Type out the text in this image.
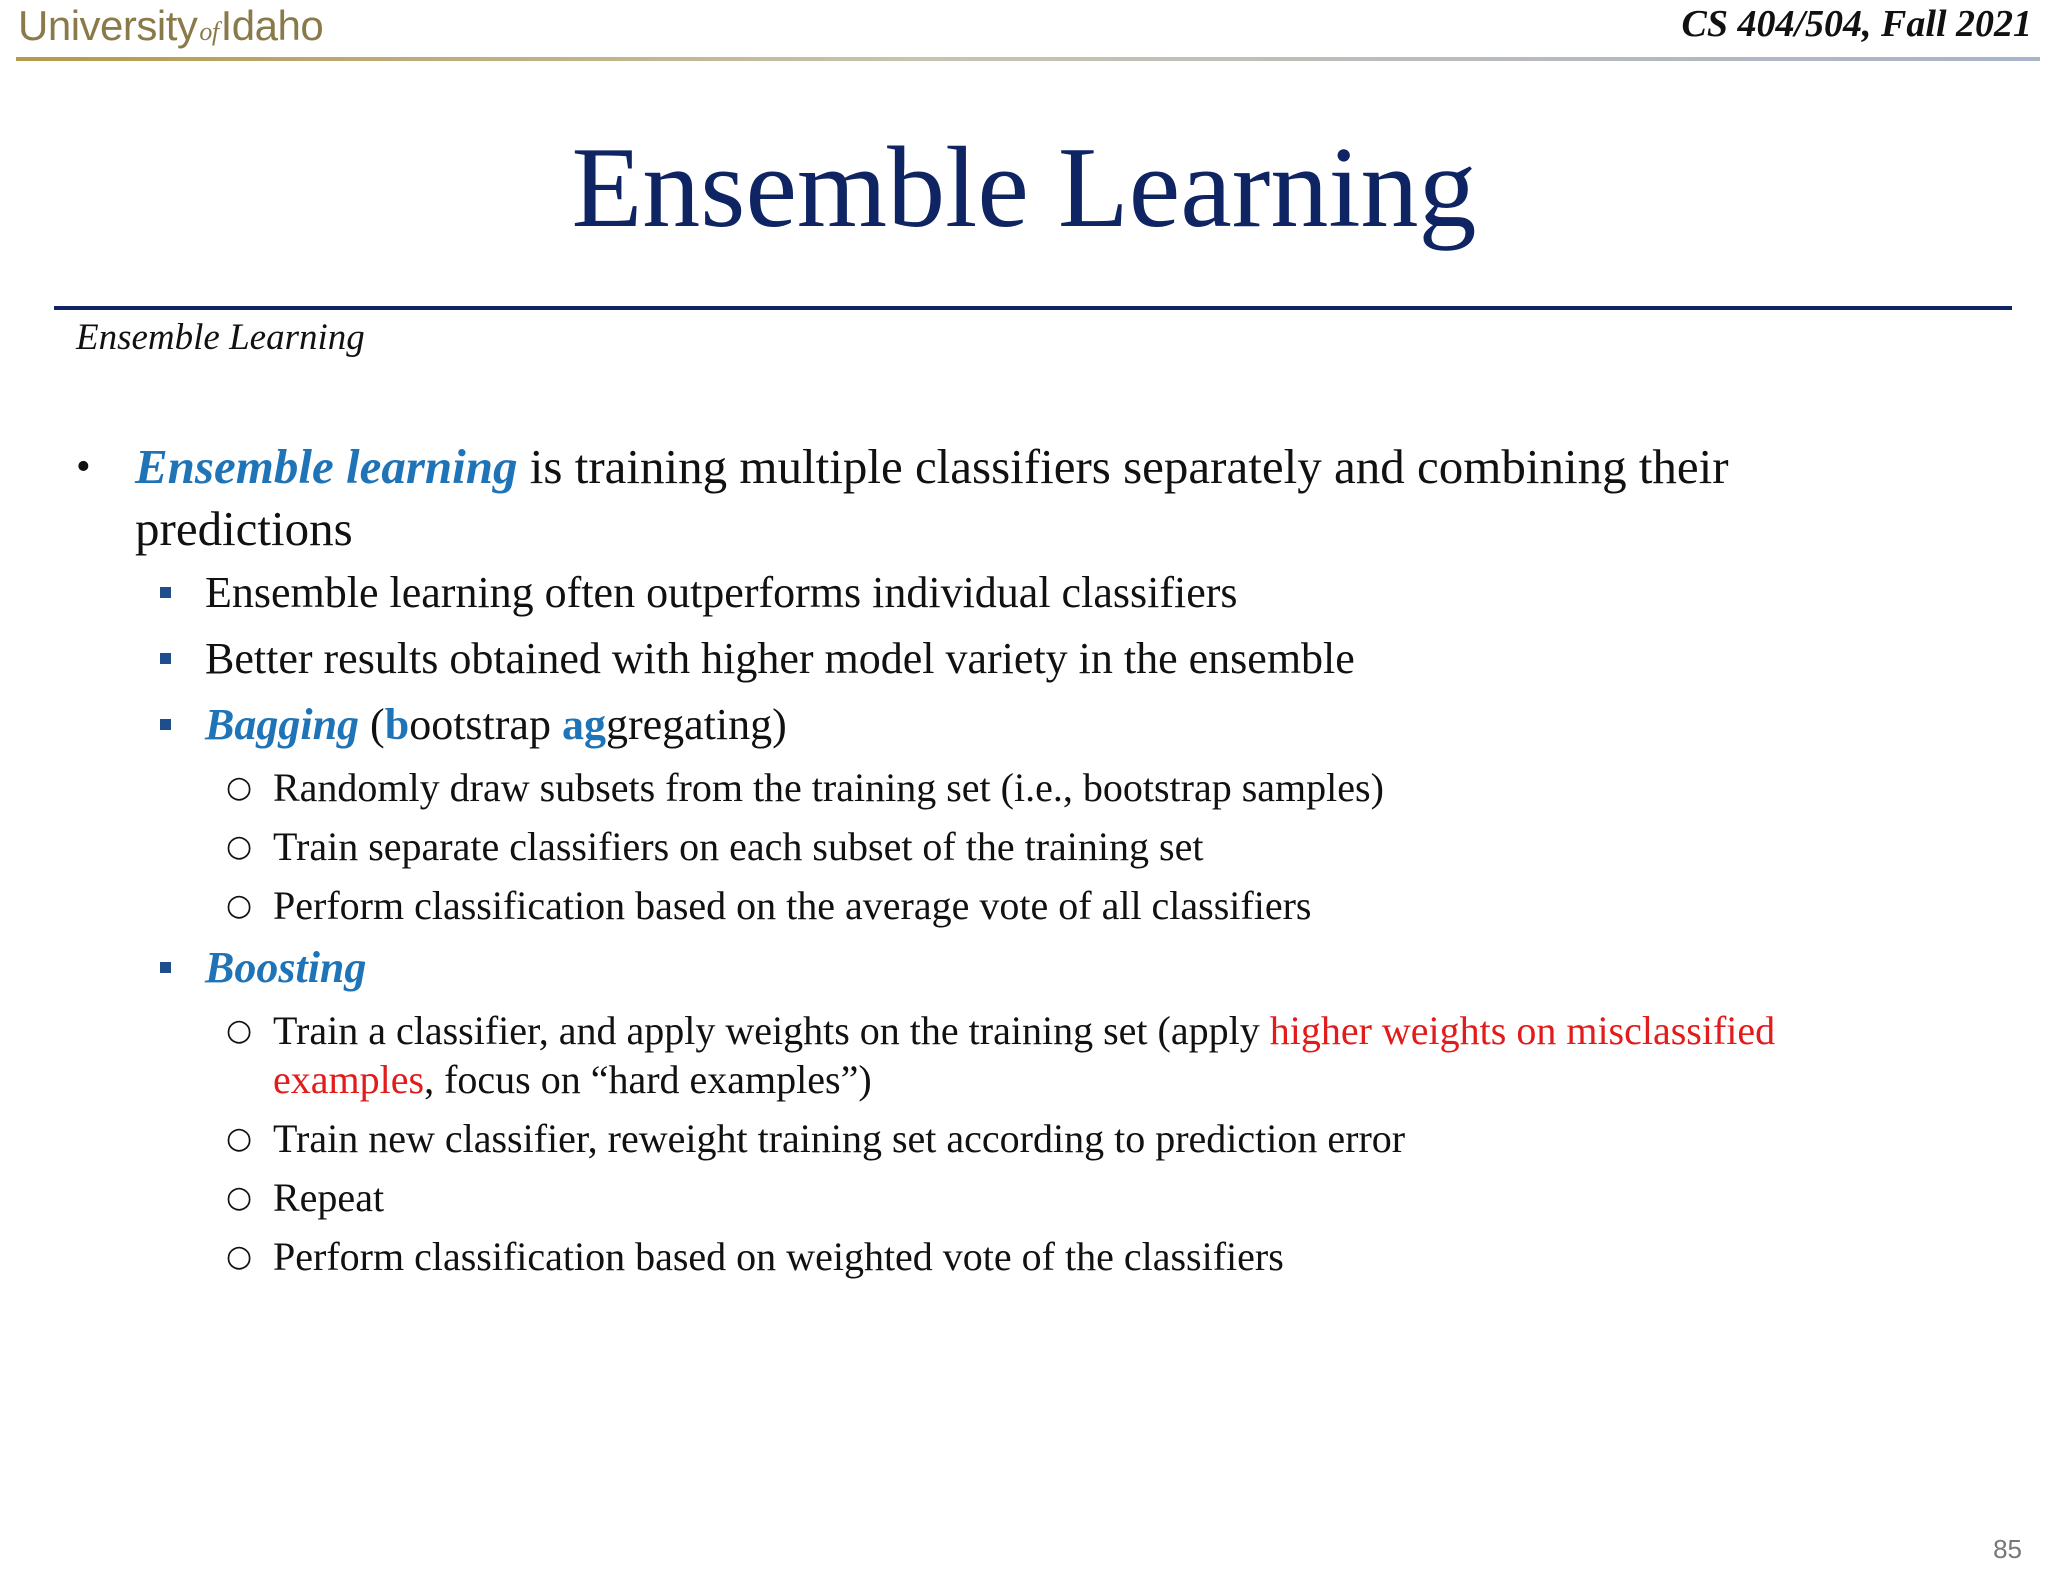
UniversityofIdaho	CS 404/504, Fall 2021
Ensemble Learning
Ensemble Learning
• Ensemble learning is training multiple classifiers separately and combining their
predictions
Ensemble learning often outperforms individual classifiers
Better results obtained with higher model variety in the ensemble
Bagging (bootstrap aggregating)
○ Randomly draw subsets from the training set (i.e., bootstrap samples)
○ Train separate classifiers on each subset of the training set
○ Perform classification based on the average vote of all classifiers
Boosting
○ Train a classifier, and apply weights on the training set (apply higher weights on misclassified
examples, focus on “hard examples”)
○ Train new classifier, reweight training set according to prediction error
○ Repeat
○ Perform classification based on weighted vote of the classifiers
85
